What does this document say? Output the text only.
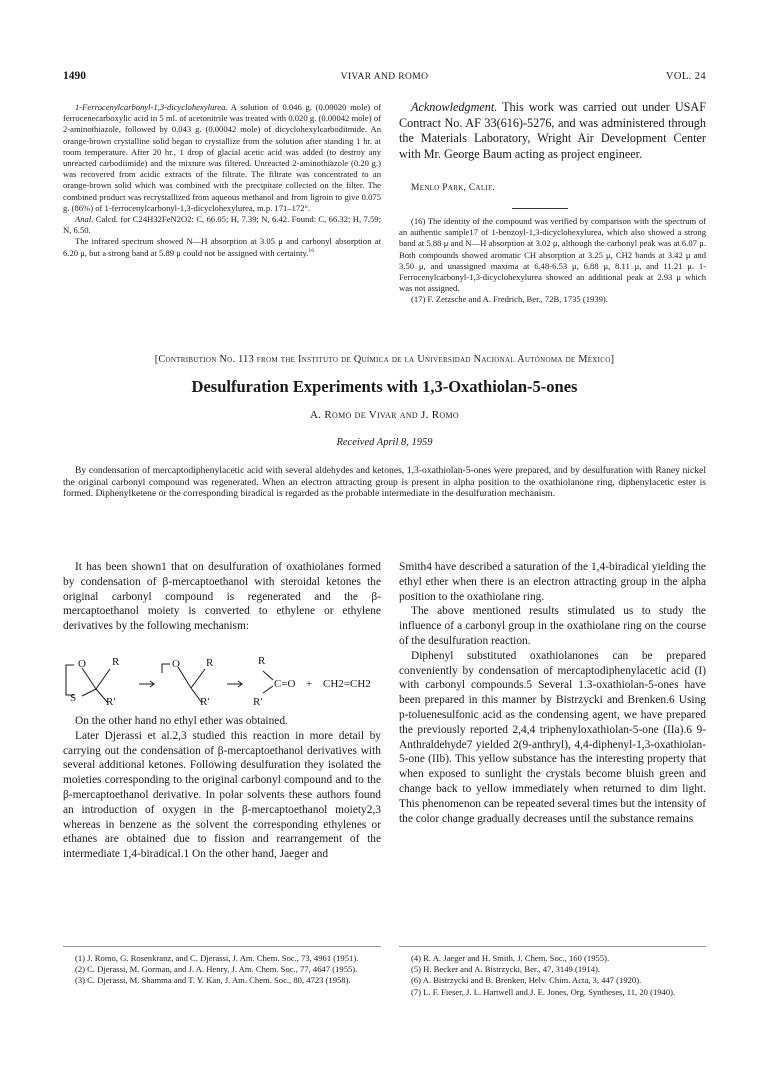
1490	VIVAR AND ROMO	VOL. 24

1-Ferrocenylcarbonyl-1,3-dicyclohexylurea. A solution of 0.046 g. (0.00020 mole) of ferrocenecarboxylic acid in 5 ml. of acetonitrile was treated with 0.020 g. (0.00042 mole) of 2-aminothiazole, followed by 0.043 g. (0.00042 mole) of dicyclohexylcarbodiimide. An orange-brown crystalline solid began to crystallize from the solution after standing 1 hr. at room temperature. After 20 hr., 1 drop of glacial acetic acid was added (to destroy any unreacted carbodiimide) and the mixture was filtered. Unreacted 2-aminothiazole (0.20 g.) was recovered from acidic extracts of the filtrate. The filtrate was concentrated to an orange-brown solid which was combined with the precipitate collected on the filter. The combined product was recrystallized from aqueous methanol and from ligroin to give 0.075 g. (86%) of 1-ferrocenylcarbonyl-1,3-dicyclohexylurea, m.p. 171–172°.

Anal. Calcd. for C24H32FeN2O2: C, 66.05; H, 7.39; N, 6.42. Found: C, 66.32; H, 7.59; N, 6.50.

The infrared spectrum showed N—H absorption at 3.05 μ and carbonyl absorption at 6.20 μ, but a strong band at 5.89 μ could not be assigned with certainty.$^{16}$

Acknowledgment. This work was carried out under USAF Contract No. AF 33(616)-5276, and was administered through the Materials Laboratory, Wright Air Development Center with Mr. George Baum acting as project engineer.

Menlo Park, Calif.

(16) The identity of the compound was verified by comparison with the spectrum of an authentic sample17 of 1-benzoyl-1,3-dicyclohexylurea, which also showed a strong band at 5.88 μ and N—H absorption at 3.02 μ, although the carbonyl peak was at 6.07 μ. Both compounds showed aromatic CH absorption at 3.25 μ, CH2 bands at 3.42 μ and 3.50 μ, and unassigned maxima at 6.48-6.53 μ, 6.88 μ, 8.11 μ, and 11.21 μ. 1-Ferrocenylcarbonyl-1,3-dicyclohexylurea showed an additional peak at 2.93 μ which was not assigned.

(17) F. Zetzsche and A. Fredrich, Ber., 72B, 1735 (1939).

[Contribution No. 113 from the Instituto de Química de la Universidad Nacional Autónoma de México]
Desulfuration Experiments with 1,3-Oxathiolan-5-ones
A. Romo de Vivar and J. Romo
Received April 8, 1959

By condensation of mercaptodiphenylacetic acid with several aldehydes and ketones, 1,3-oxathiolan-5-ones were prepared, and by desulfuration with Raney nickel the original carbonyl compound was regenerated. When an electron attracting group is present in alpha position to the oxathiolanone ring, diphenylacetic ester is formed. Diphenylketene or the corresponding biradical is regarded as the probable intermediate in the desulfuration mechanism.

It has been shown1 that on desulfuration of oxathiolanes formed by condensation of β-mercaptoethanol with steroidal ketones the original carbonyl compound is regenerated and the β-mercaptoethanol moiety is converted to ethylene or ethylene derivatives by the following mechanism:

O
S
R
R′
O R
R′
R
C=O
R′
+ CH2=CH2

On the other hand no ethyl ether was obtained.

Later Djerassi et al.2,3 studied this reaction in more detail by carrying out the condensation of β-mercaptoethanol derivatives with several additional ketones. Following desulfuration they isolated the moieties corresponding to the original carbonyl compound and to the β-mercaptoethanol derivative. In polar solvents these authors found an introduction of oxygen in the β-mercaptoethanol moiety2,3 whereas in benzene as the solvent the corresponding ethylenes or ethanes are obtained due to fission and rearrangement of the intermediate 1,4-biradical.1 On the other hand, Jaeger and

(1) J. Romo, G. Rosenkranz, and C. Djerassi, J. Am. Chem. Soc., 73, 4961 (1951).

(2) C. Djerassi, M. Gorman, and J. A. Henry, J. Am. Chem. Soc., 77, 4647 (1955).

(3) C. Djerassi, M. Shamma and T. Y. Kan, J. Am. Chem. Soc., 80, 4723 (1958).

Smith4 have described a saturation of the 1,4-biradical yielding the ethyl ether when there is an electron attracting group in the alpha position to the oxathiolane ring.

The above mentioned results stimulated us to study the influence of a carbonyl group in the oxathiolane ring on the course of the desulfuration reaction.

Diphenyl substituted oxathiolanones can be prepared conveniently by condensation of mercaptodiphenylacetic acid (I) with carbonyl compounds.5 Several 1.3-oxathiolan-5-ones have been prepared in this manner by Bistrzycki and Brenken.6 Using p-toluenesulfonic acid as the condensing agent, we have prepared the previously reported 2,4,4 triphenyloxathiolan-5-one (IIa).6 9-Anthraldehyde7 yielded 2(9-anthryl), 4,4-diphenyl-1,3-oxathiolan-5-one (IIb). This yellow substance has the interesting property that when exposed to sunlight the crystals become bluish green and change back to yellow immediately when returned to dim light. This phenomenon can be repeated several times but the intensity of the color change gradually decreases until the substance remains

(4) R. A. Jaeger and H. Smith, J. Chem. Soc., 160 (1955).

(5) H. Becker and A. Bistrzycki, Ber., 47, 3149 (1914).

(6) A. Bistrzycki and B. Brenken, Helv. Chim. Acta, 3, 447 (1920).

(7) L. F. Fieser, J. L. Hartwell and J. E. Jones, Org. Syntheses, 11, 20 (1940).
